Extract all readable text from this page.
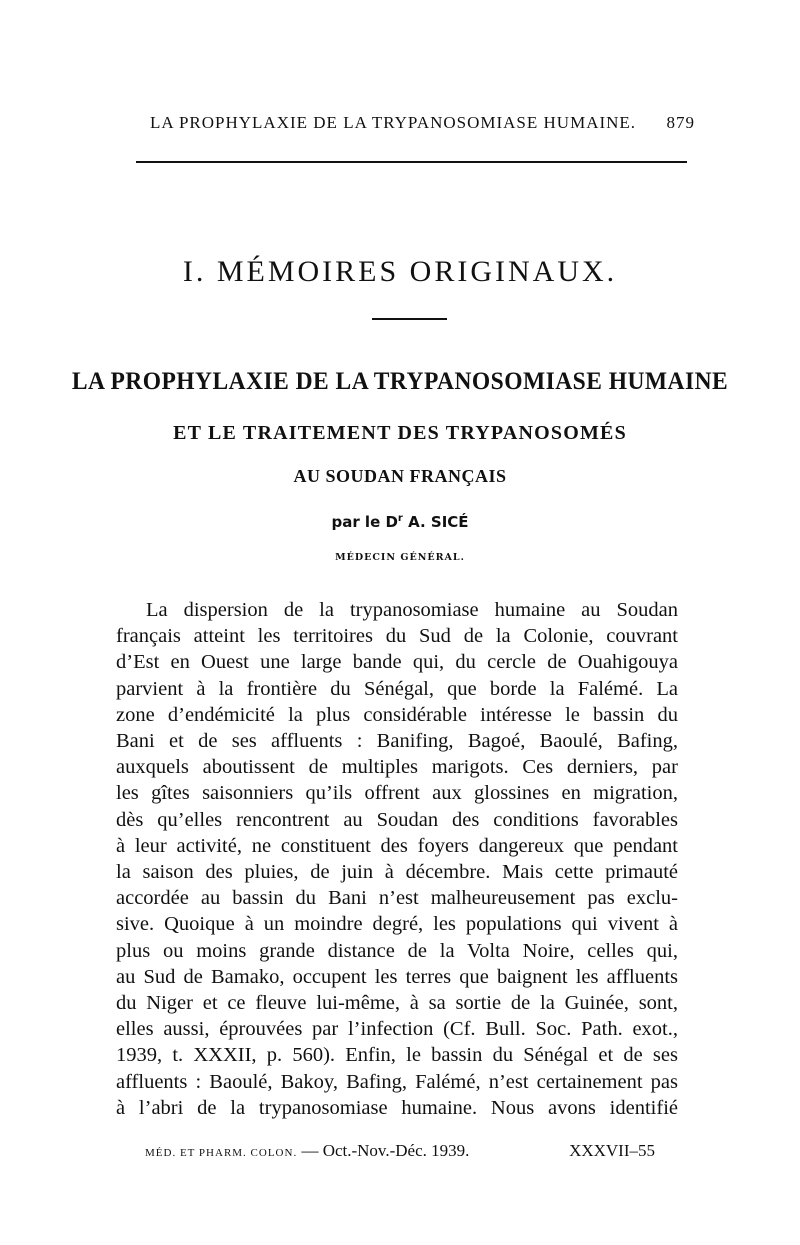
LA PROPHYLAXIE DE LA TRYPANOSOMIASE HUMAINE. 879
I. MÉMOIRES ORIGINAUX.
LA PROPHYLAXIE DE LA TRYPANOSOMIASE HUMAINE
ET LE TRAITEMENT DES TRYPANOSOMÉS
AU SOUDAN FRANÇAIS
par le $D^r$ A. SICÉ
MÉDECIN GÉNÉRAL.
La dispersion de la trypanosomiase humaine au Soudan
français atteint les territoires du Sud de la Colonie, couvrant
d’Est en Ouest une large bande qui, du cercle de Ouahigouya
parvient à la frontière du Sénégal, que borde la Falémé. La
zone d’endémicité la plus considérable intéresse le bassin du
Bani et de ses affluents : Banifing, Bagoé, Baoulé, Bafing,
auxquels aboutissent de multiples marigots. Ces derniers, par
les gîtes saisonniers qu’ils offrent aux glossines en migration,
dès qu’elles rencontrent au Soudan des conditions favorables
à leur activité, ne constituent des foyers dangereux que pendant
la saison des pluies, de juin à décembre. Mais cette primauté
accordée au bassin du Bani n’est malheureusement pas exclu-
sive. Quoique à un moindre degré, les populations qui vivent à
plus ou moins grande distance de la Volta Noire, celles qui,
au Sud de Bamako, occupent les terres que baignent les affluents
du Niger et ce fleuve lui-même, à sa sortie de la Guinée, sont,
elles aussi, éprouvées par l’infection (Cf. Bull. Soc. Path. exot.,
1939, t. XXXII, p. 560). Enfin, le bassin du Sénégal et de ses
affluents : Baoulé, Bakoy, Bafing, Falémé, n’est certainement pas
à l’abri de la trypanosomiase humaine. Nous avons identifié
MÉD. ET PHARM. COLON. — Oct.-Nov.-Déc. 1939.	XXXVII–55
